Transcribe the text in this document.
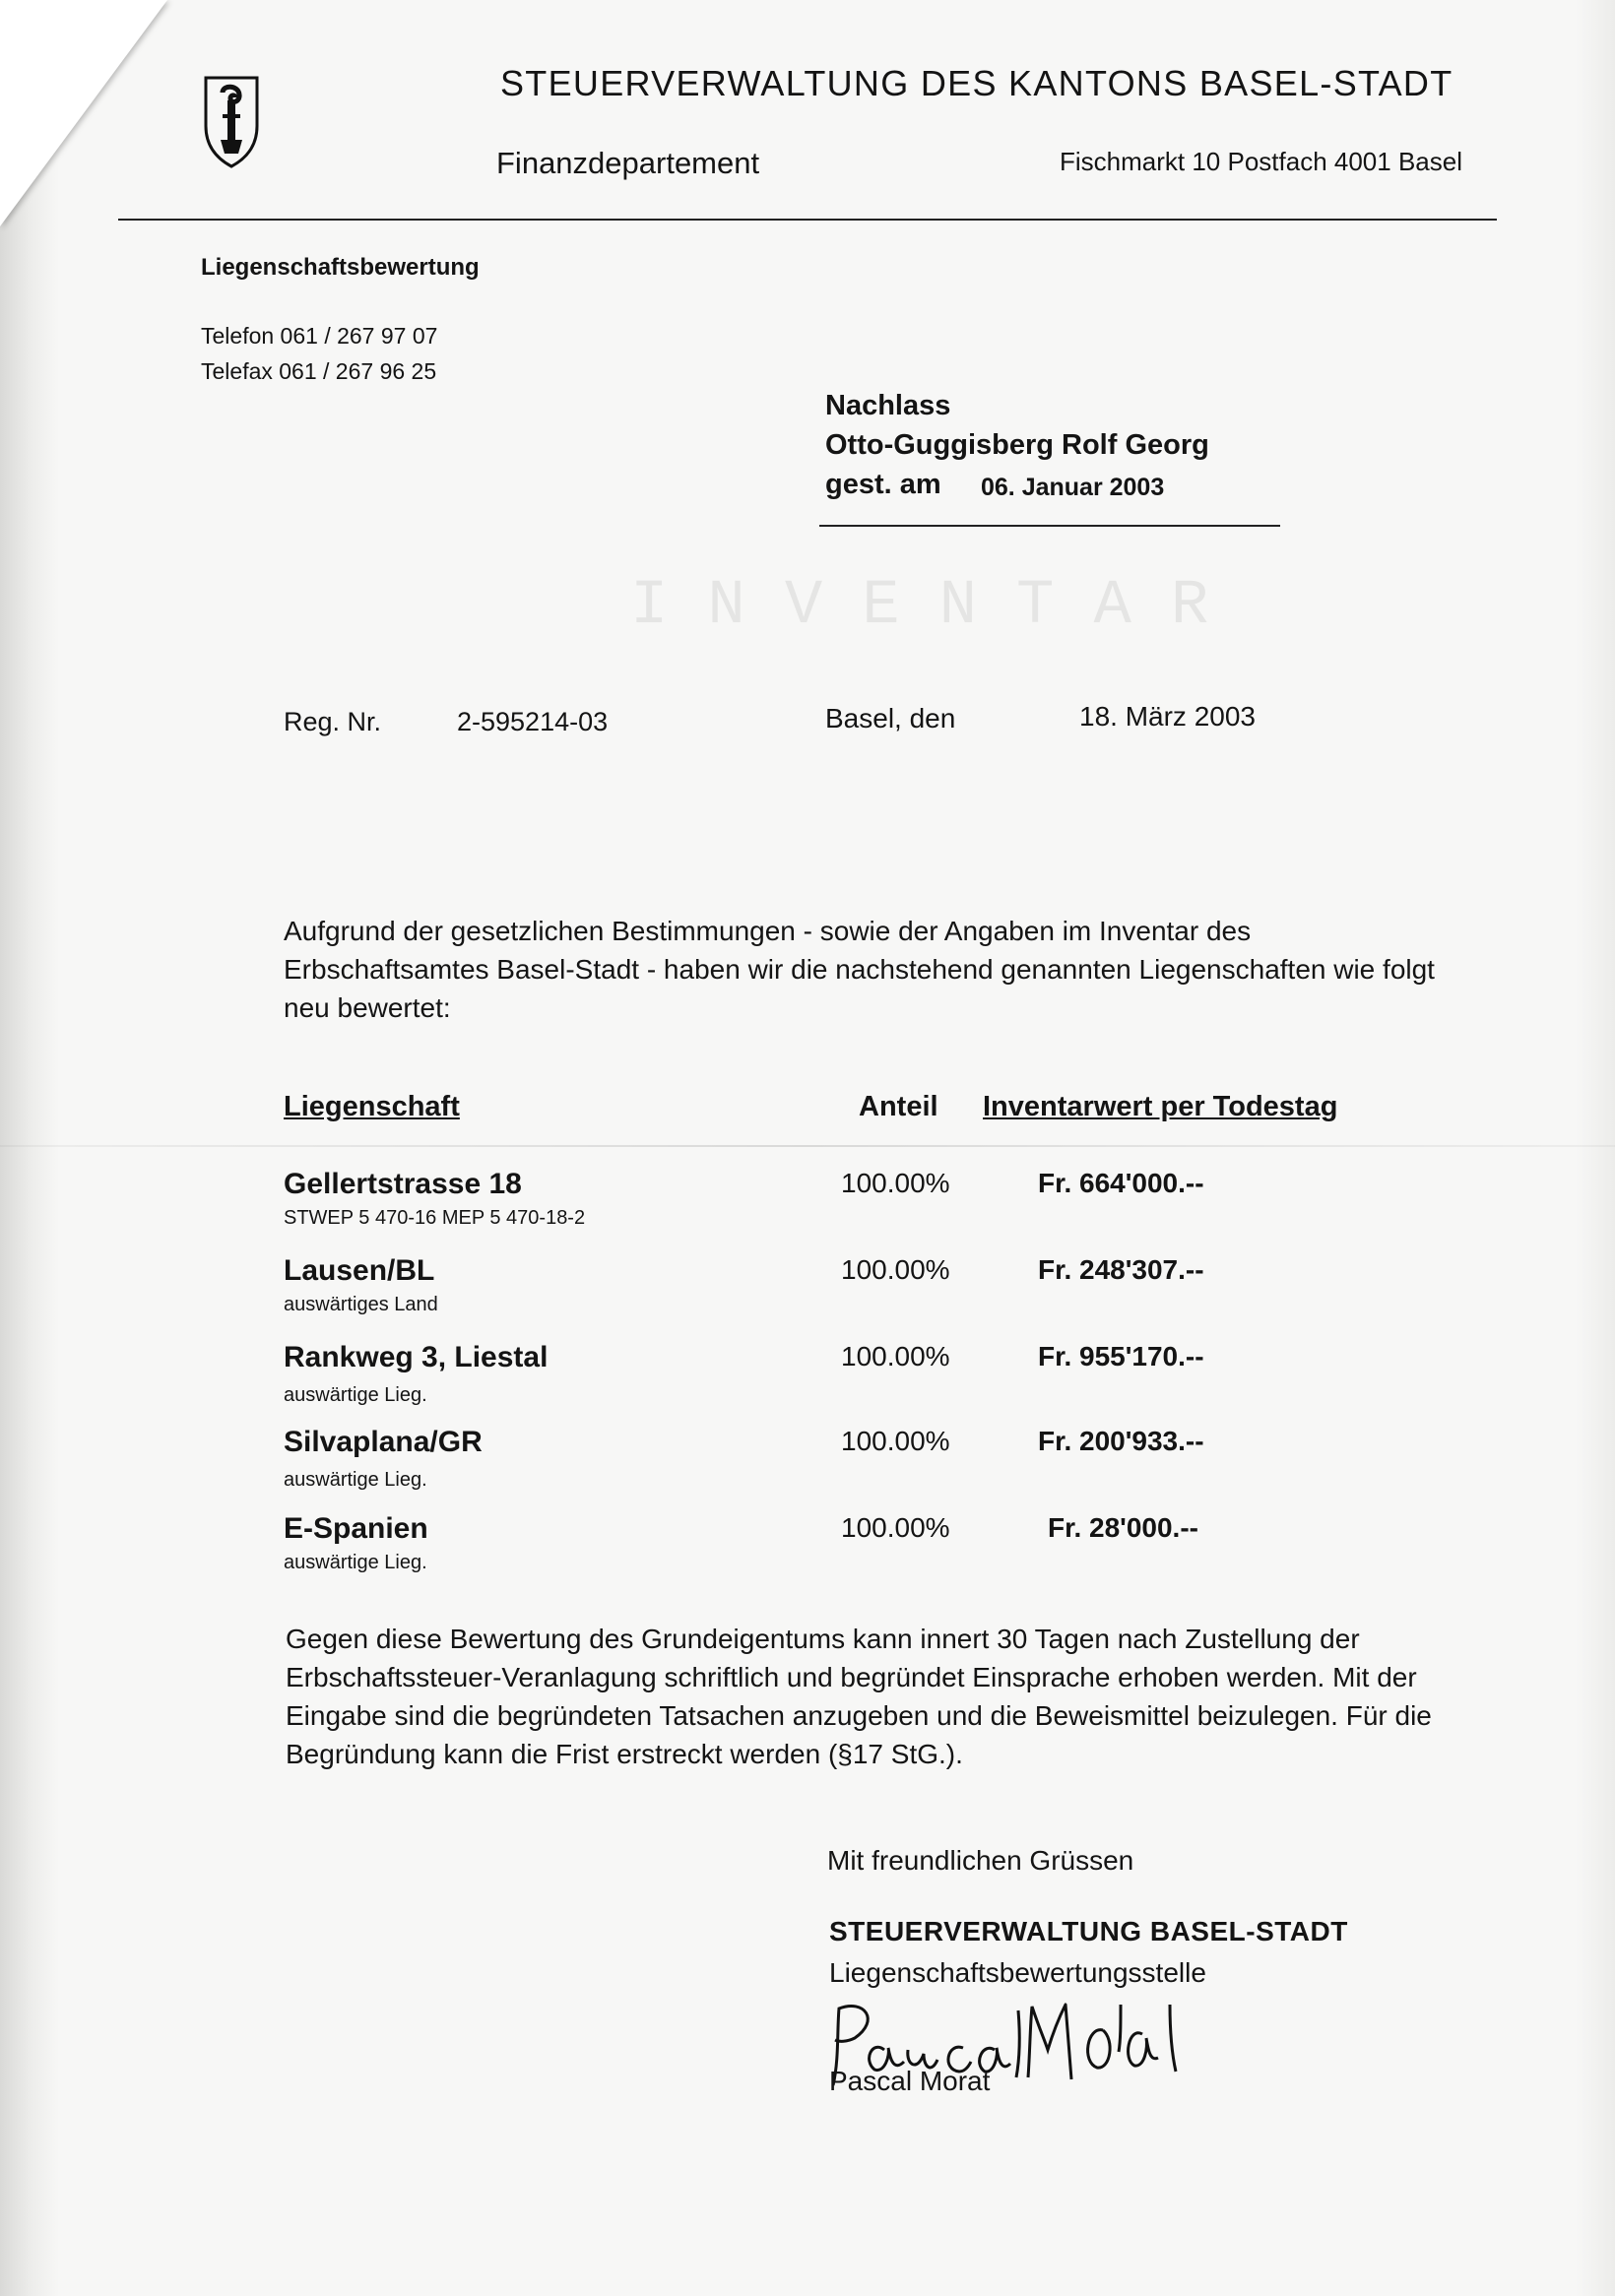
INVENTAR
STEUERVERWALTUNG DES KANTONS BASEL-STADT
Finanzdepartement	Fischmarkt 10 Postfach 4001 Basel
Liegenschaftsbewertung
Telefon 061 / 267 97 07
Telefax 061 / 267 96 25
Nachlass
Otto-Guggisberg Rolf Georg
gest. am 06. Januar 2003
Reg. Nr.	2-595214-03	Basel, den	18. März 2003
Aufgrund der gesetzlichen Bestimmungen - sowie der Angaben im Inventar des Erbschaftsamtes Basel-Stadt - haben wir die nachstehend genannten Liegenschaften wie folgt neu bewertet:
Liegenschaft	Anteil Inventarwert per Todestag
Gellertstrasse 18
STWEP 5 470-16 MEP 5 470-18-2
100.00%	Fr. 664'000.--
Lausen/BL
auswärtiges Land
100.00%	Fr. 248'307.--
Rankweg 3, Liestal
auswärtige Lieg.
100.00%	Fr. 955'170.--
Silvaplana/GR
auswärtige Lieg.
100.00%	Fr. 200'933.--
E-Spanien
auswärtige Lieg.
100.00%	Fr. 28'000.--
Gegen diese Bewertung des Grundeigentums kann innert 30 Tagen nach Zustellung der Erbschaftssteuer-Veranlagung schriftlich und begründet Einsprache erhoben werden. Mit der Eingabe sind die begründeten Tatsachen anzugeben und die Beweismittel beizulegen. Für die Begründung kann die Frist erstreckt werden (§17 StG.).
Mit freundlichen Grüssen
STEUERVERWALTUNG BASEL-STADT
Liegenschaftsbewertungsstelle
Pascal Morat
